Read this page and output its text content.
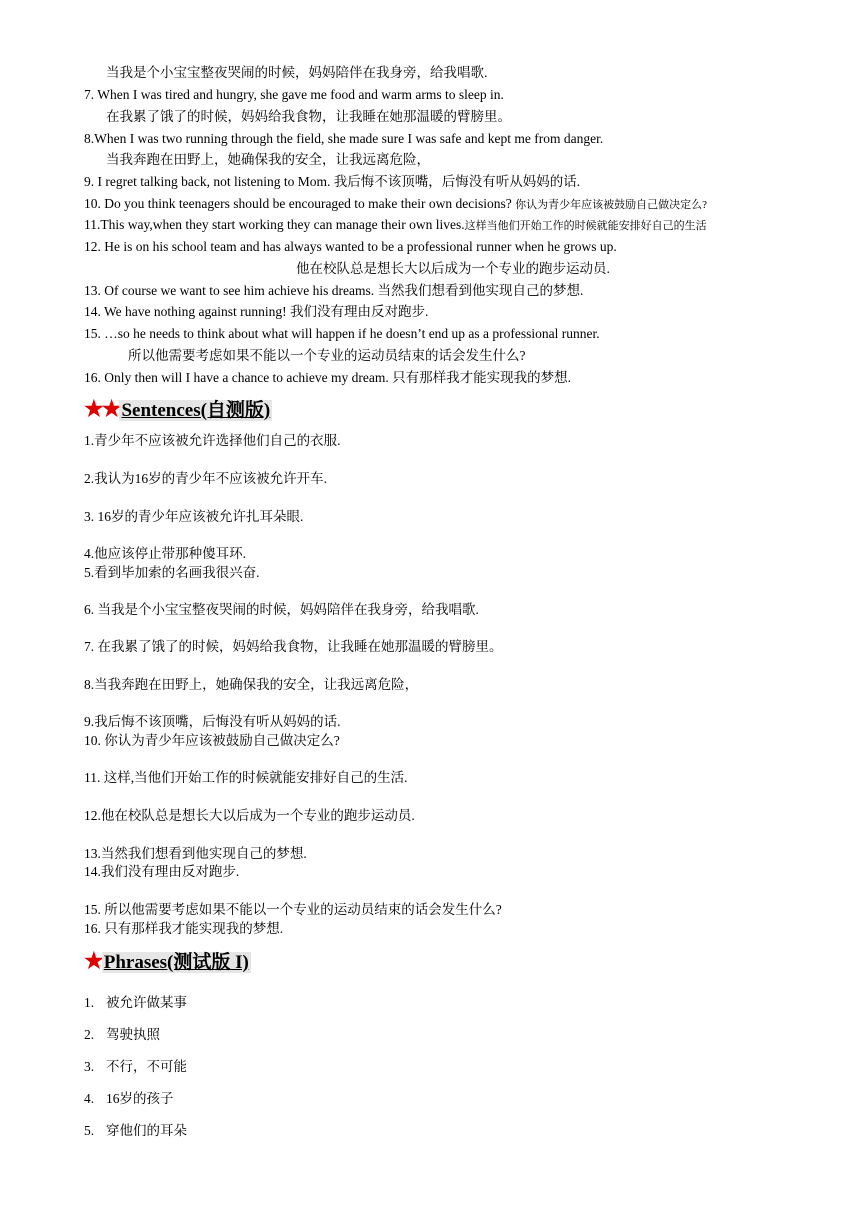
当我是个小宝宝整夜哭闹的时候，妈妈陪伴在我身旁，给我唱歌.
7. When I was tired and hungry, she gave me food and warm arms to sleep in.
在我累了饿了的时候，妈妈给我食物，让我睡在她那温暖的臂膀里。
8.When I was two running through the field, she made sure I was safe and kept me from danger.
当我奔跑在田野上，她确保我的安全，让我远离危险，
9. I regret talking back, not listening to Mom. 我后悔不该顶嘴，后悔没有听从妈妈的话.
10. Do you think teenagers should be encouraged to make their own decisions? 你认为青少年应该被鼓励自己做决定么?
11.This way,when they start working they can manage their own lives.这样当他们开始工作的时候就能安排好自己的生活
12. He is on his school team and has always wanted to be a professional runner when he grows up.
他在校队总是想长大以后成为一个专业的跑步运动员.
13. Of course we want to see him achieve his dreams. 当然我们想看到他实现自己的梦想.
14. We have nothing against running! 我们没有理由反对跑步.
15. …so he needs to think about what will happen if he doesn’t end up as a professional runner.
所以他需要考虑如果不能以一个专业的运动员结束的话会发生什么?
16. Only then will I have a chance to achieve my dream. 只有那样我才能实现我的梦想.
★★ Sentences(自测版)
1.青少年不应该被允许选择他们自己的衣服.
2.我认为16岁的青少年不应该被允许开车.
3. 16岁的青少年应该被允许扎耳朵眼.
4.他应该停止带那种傻耳环.
5.看到毕加索的名画我很兴奋.
6. 当我是个小宝宝整夜哭闹的时候，妈妈陪伴在我身旁，给我唱歌.
7. 在我累了饿了的时候，妈妈给我食物，让我睡在她那温暖的臂膀里。
8.当我奔跑在田野上，她确保我的安全，让我远离危险，
9.我后悔不该顶嘴，后悔没有听从妈妈的话.
10. 你认为青少年应该被鼓励自己做决定么?
11. 这样,当他们开始工作的时候就能安排好自己的生活.
12.他在校队总是想长大以后成为一个专业的跑步运动员.
13.当然我们想看到他实现自己的梦想.
14.我们没有理由反对跑步.
15. 所以他需要考虑如果不能以一个专业的运动员结束的话会发生什么?
16. 只有那样我才能实现我的梦想.
★ Phrases(测试版 I)
1. 被允许做某事
2. 驾驶执照
3. 不行，不可能
4. 16岁的孩子
5. 穿他们的耳朵
